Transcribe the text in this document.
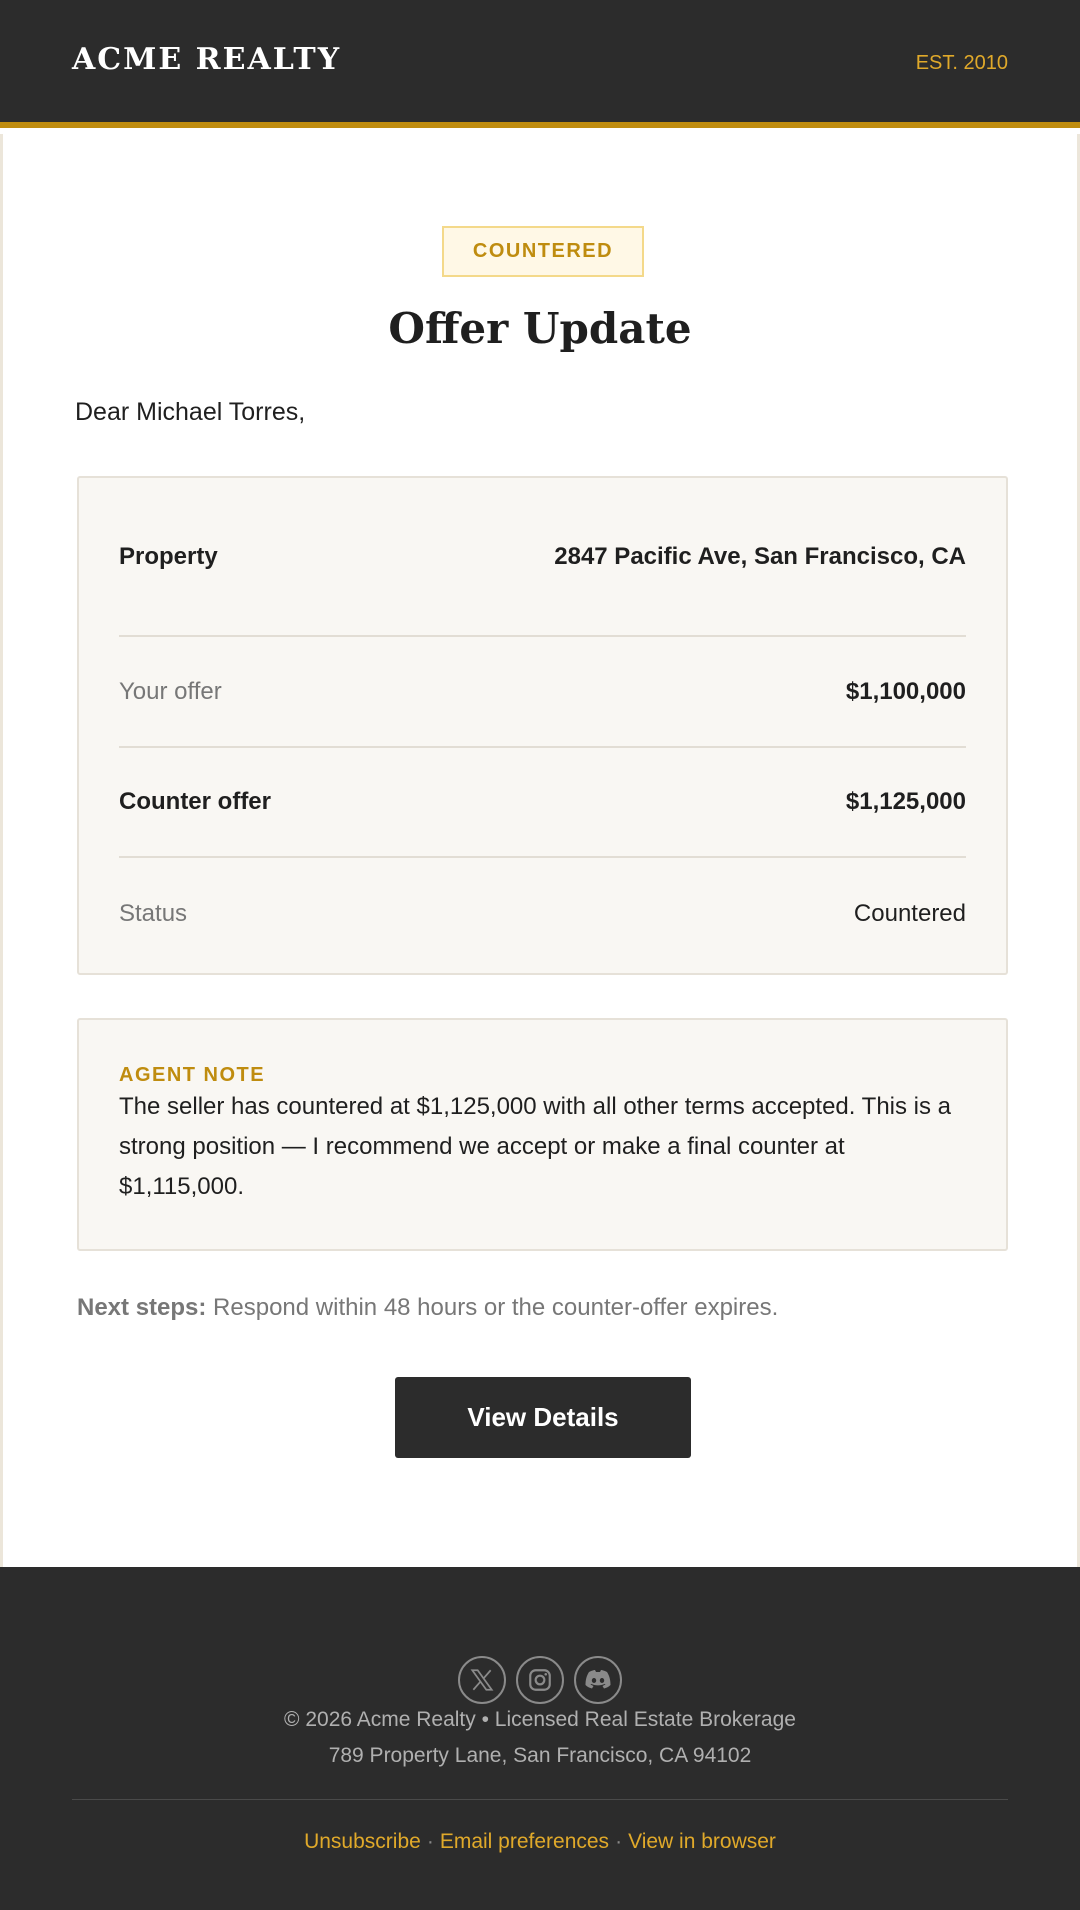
ACME REALTY	EST. 2010
COUNTERED
Offer Update
Dear Michael Torres,
Property	2847 Pacific Ave, San Francisco, CA
Your offer	$1,100,000
Counter offer	$1,125,000
Status	Countered
AGENT NOTE
The seller has countered at $1,125,000 with all other terms accepted. This is a strong position — I recommend we accept or make a final counter at $1,115,000.
Next steps: Respond within 48 hours or the counter-offer expires.
View Details
© 2026 Acme Realty • Licensed Real Estate Brokerage
789 Property Lane, San Francisco, CA 94102
Unsubscribe · Email preferences · View in browser
